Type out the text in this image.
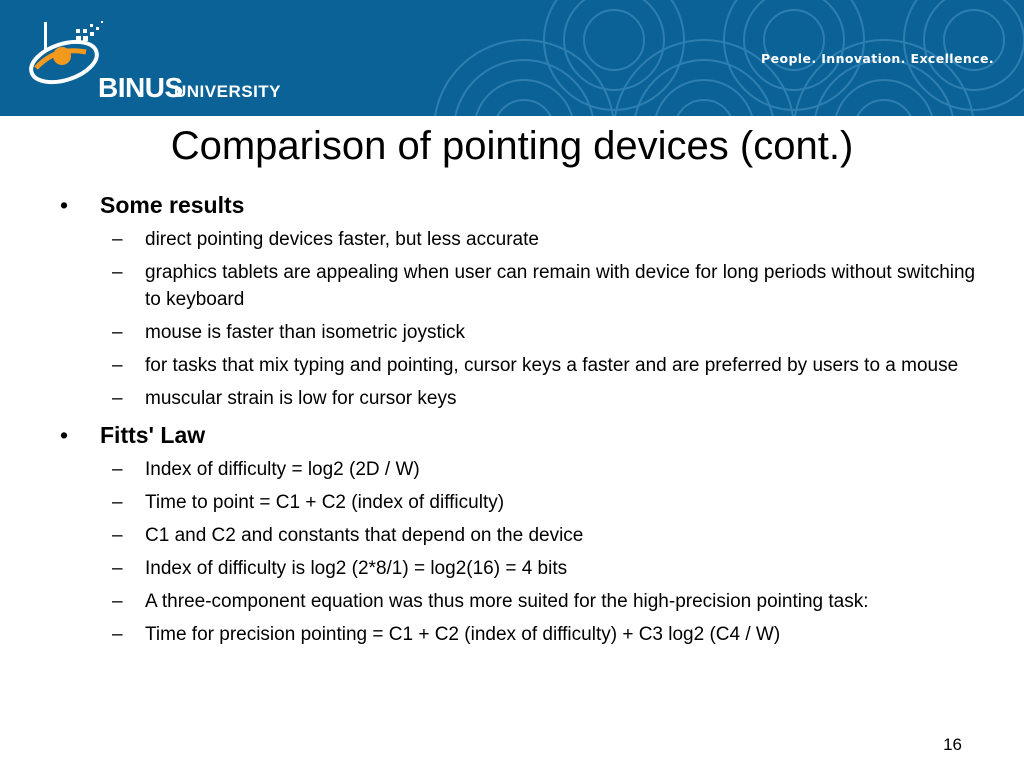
BINUS
UNIVERSITY
People. Innovation. Excellence.
Comparison of pointing devices (cont.)
• Some results
– direct pointing devices faster, but less accurate
– graphics tablets are appealing when user can remain with device for long periods without switching to keyboard
– mouse is faster than isometric joystick
– for tasks that mix typing and pointing, cursor keys a faster and are preferred by users to a mouse
– muscular strain is low for cursor keys
• Fitts' Law
– Index of difficulty = log2 (2D / W)
– Time to point = C1 + C2 (index of difficulty)
– C1 and C2 and constants that depend on the device
– Index of difficulty is log2 (2*8/1) = log2(16) = 4 bits
– A three-component equation was thus more suited for the high-precision pointing task:
– Time for precision pointing = C1 + C2 (index of difficulty) + C3 log2 (C4 / W)
16
